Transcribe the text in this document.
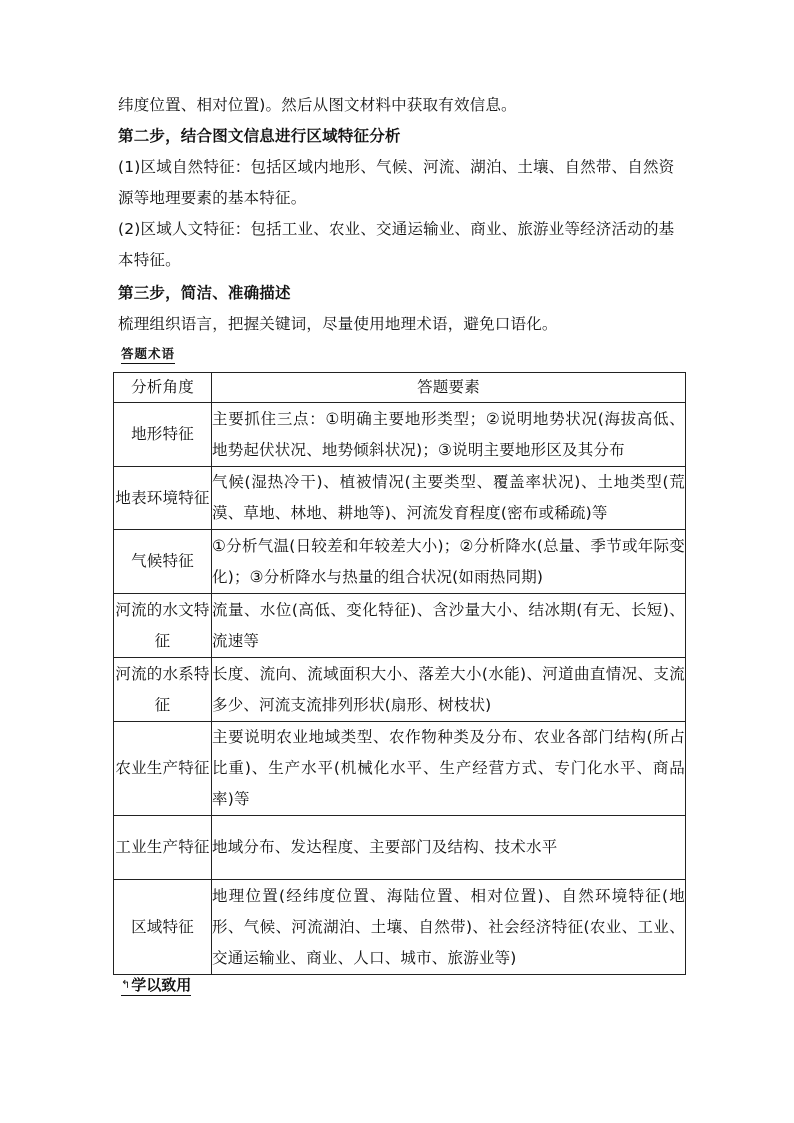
纬度位置、相对位置)。然后从图文材料中获取有效信息。
第二步，结合图文信息进行区域特征分析
(1)区域自然特征：包括区域内地形、气候、河流、湖泊、土壤、自然带、自然资源等地理要素的基本特征。
(2)区域人文特征：包括工业、农业、交通运输业、商业、旅游业等经济活动的基本特征。
第三步，简洁、准确描述
梳理组织语言，把握关键词，尽量使用地理术语，避免口语化。
答题术语
分析角度	答题要素
地形特征	主要抓住三点：①明确主要地形类型；②说明地势状况(海拔高低、地势起伏状况、地势倾斜状况)；③说明主要地形区及其分布
地表环境特征	气候(湿热冷干)、植被情况(主要类型、覆盖率状况)、土地类型(荒漠、草地、林地、耕地等)、河流发育程度(密布或稀疏)等
气候特征	①分析气温(日较差和年较差大小)；②分析降水(总量、季节或年际变化)；③分析降水与热量的组合状况(如雨热同期)
河流的水文特征	流量、水位(高低、变化特征)、含沙量大小、结冰期(有无、长短)、流速等
河流的水系特征	长度、流向、流域面积大小、落差大小(水能)、河道曲直情况、支流多少、河流支流排列形状(扇形、树枝状)
农业生产特征	主要说明农业地域类型、农作物种类及分布、农业各部门结构(所占比重)、生产水平(机械化水平、生产经营方式、专门化水平、商品率)等
工业生产特征	地域分布、发达程度、主要部门及结构、技术水平
区域特征	地理位置(经纬度位置、海陆位置、相对位置)、自然环境特征(地形、气候、河流湖泊、土壤、自然带)、社会经济特征(农业、工业、交通运输业、商业、人口、城市、旅游业等)
↰学以致用
